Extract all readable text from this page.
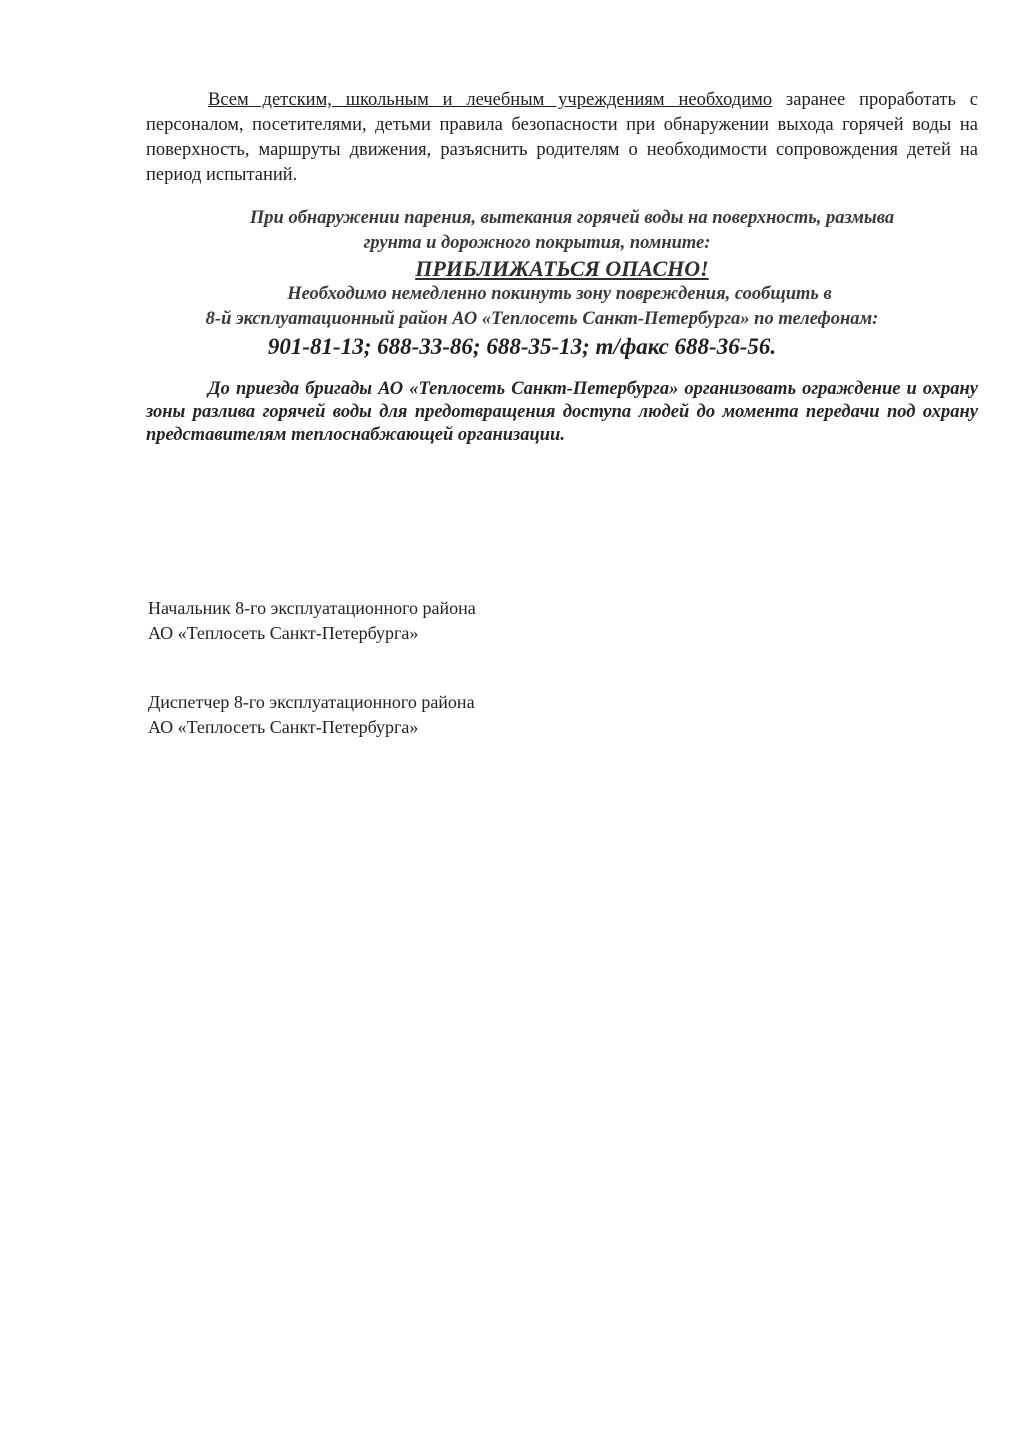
Всем детским, школьным и лечебным учреждениям необходимо заранее проработать с персоналом, посетителями, детьми правила безопасности при обнаружении выхода горячей воды на поверхность, маршруты движения, разъяснить родителям о необходимости сопровождения детей на период испытаний.

При обнаружении парения, вытекания горячей воды на поверхность, размыва
грунта и дорожного покрытия, помните:
ПРИБЛИЖАТЬСЯ ОПАСНО!
Необходимо немедленно покинуть зону повреждения, сообщить в
8-й эксплуатационный район АО «Теплосеть Санкт-Петербурга» по телефонам:
901-81-13; 688-33-86; 688-35-13; т/факс 688-36-56.

До приезда бригады АО «Теплосеть Санкт-Петербурга» организовать ограждение и охрану зоны разлива горячей воды для предотвращения доступа людей до момента передачи под охрану представителям теплоснабжающей организации.

Начальник 8-го эксплуатационного района
АО «Теплосеть Санкт-Петербурга»
Диспетчер 8-го эксплуатационного района
АО «Теплосеть Санкт-Петербурга»
